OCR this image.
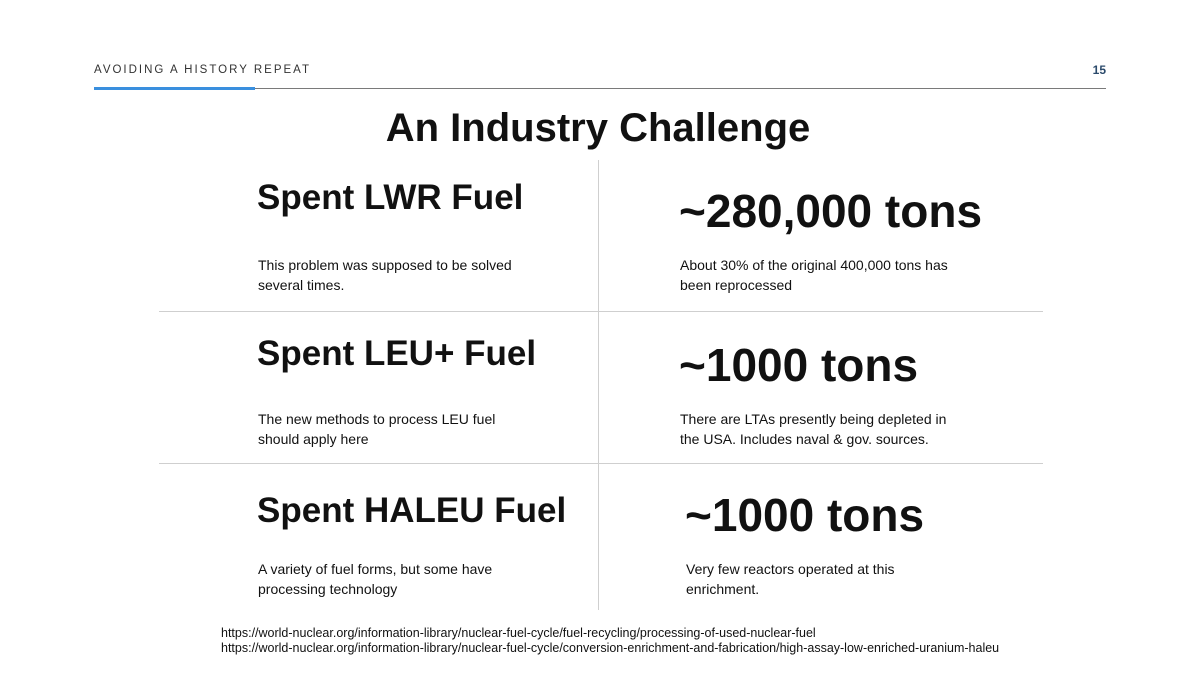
AVOIDING A HISTORY REPEAT	15
An Industry Challenge
Spent LWR Fuel
This problem was supposed to be solved several times.
~280,000 tons
About 30% of the original 400,000 tons has been reprocessed
Spent LEU+ Fuel
The new methods to process LEU fuel should apply here
~1000 tons
There are LTAs presently being depleted in the USA. Includes naval & gov. sources.
Spent HALEU Fuel
A variety of fuel forms, but some have processing technology
~1000 tons
Very few reactors operated at this enrichment.
https://world-nuclear.org/information-library/nuclear-fuel-cycle/fuel-recycling/processing-of-used-nuclear-fuel
https://world-nuclear.org/information-library/nuclear-fuel-cycle/conversion-enrichment-and-fabrication/high-assay-low-enriched-uranium-haleu
